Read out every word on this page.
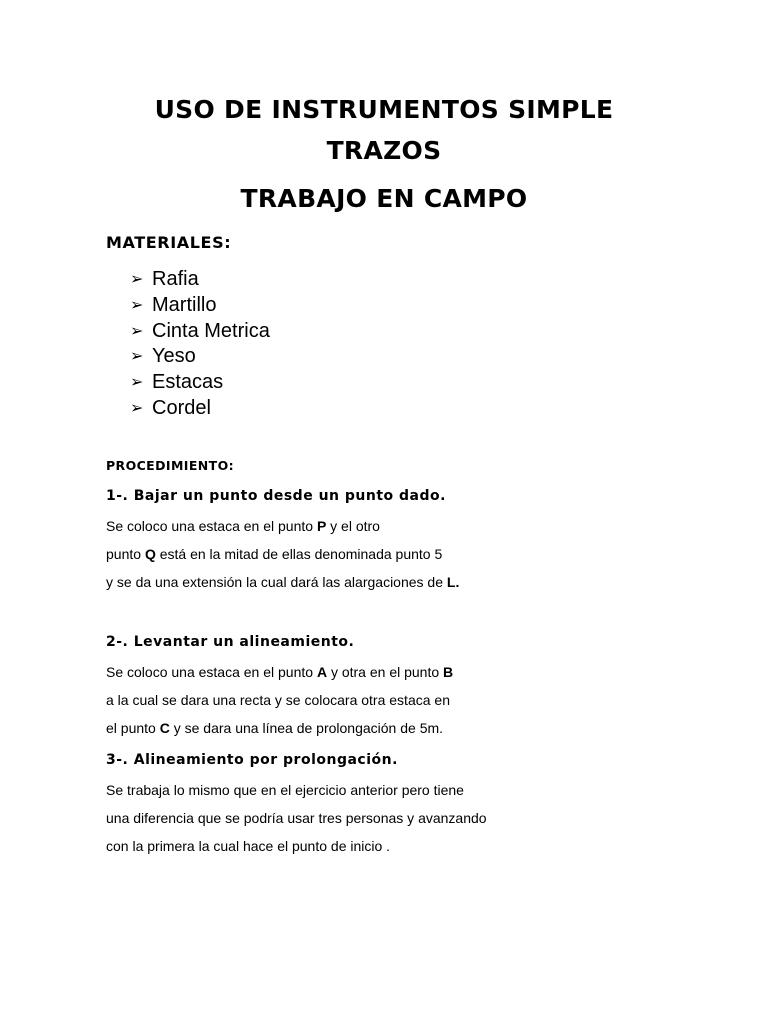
USO DE INSTRUMENTOS SIMPLE
TRAZOS
TRABAJO EN CAMPO
MATERIALES:
➢ Rafia
➢ Martillo
➢ Cinta Metrica
➢ Yeso
➢ Estacas
➢ Cordel
PROCEDIMIENTO:
1-. Bajar un punto desde un punto dado.
Se coloco una estaca en el punto P y el otro
punto Q está en la mitad de ellas denominada punto 5
y se da una extensión la cual dará las alargaciones de L.
2-. Levantar un alineamiento.
Se coloco una estaca en el punto A y otra en el punto B
a la cual se dara una recta y se colocara otra estaca en
el punto C y se dara una línea de prolongación de 5m.
3-. Alineamiento por prolongación.
Se trabaja lo mismo que en el ejercicio anterior pero tiene
una diferencia que se podría usar tres personas y avanzando
con la primera la cual hace el punto de inicio .
